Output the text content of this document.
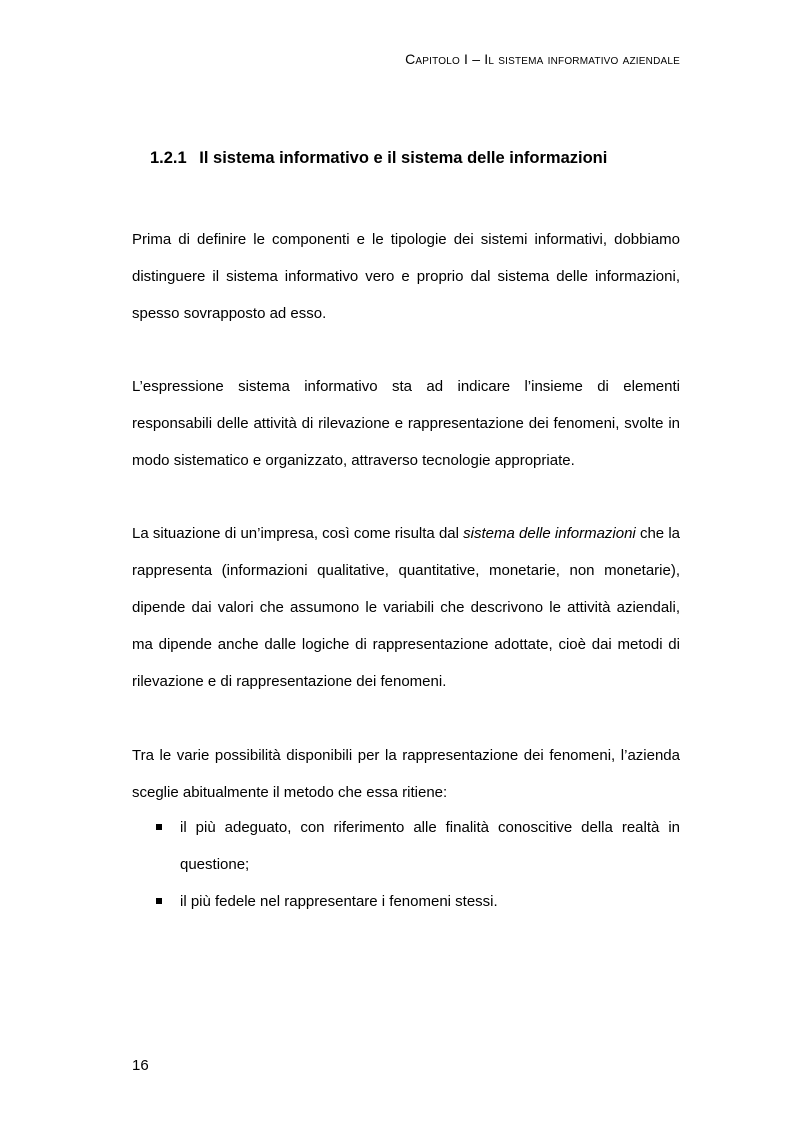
Capitolo I – Il sistema informativo aziendale
1.2.1 Il sistema informativo e il sistema delle informazioni

Prima di definire le componenti e le tipologie dei sistemi informativi, dobbiamo distinguere il sistema informativo vero e proprio dal sistema delle informazioni, spesso sovrapposto ad esso.

L’espressione sistema informativo sta ad indicare l’insieme di elementi responsabili delle attività di rilevazione e rappresentazione dei fenomeni, svolte in modo sistematico e organizzato, attraverso tecnologie appropriate.

La situazione di un’impresa, così come risulta dal sistema delle informazioni che la rappresenta (informazioni qualitative, quantitative, monetarie, non monetarie), dipende dai valori che assumono le variabili che descrivono le attività aziendali, ma dipende anche dalle logiche di rappresentazione adottate, cioè dai metodi di rilevazione e di rappresentazione dei fenomeni.

Tra le varie possibilità disponibili per la rappresentazione dei fenomeni, l’azienda sceglie abitualmente il metodo che essa ritiene:

il più adeguato, con riferimento alle finalità conoscitive della realtà in questione;
il più fedele nel rappresentare i fenomeni stessi.
16
